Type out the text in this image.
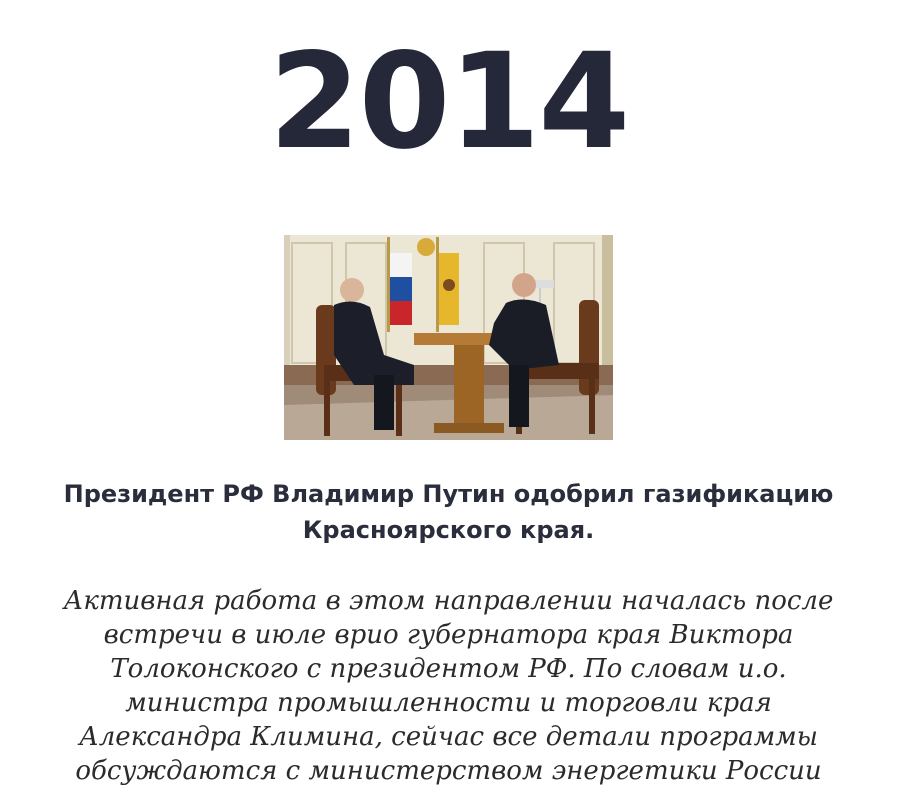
2014
Президент РФ Владимир Путин одобрил газификацию Красноярского края.
Активная работа в этом направлении началась после встречи в июле врио губернатора края Виктора Толоконского с президентом РФ. По словам и.о. министра промышленности и торговли края Александра Климина, сейчас все детали программы обсуждаются с министерством энергетики России
